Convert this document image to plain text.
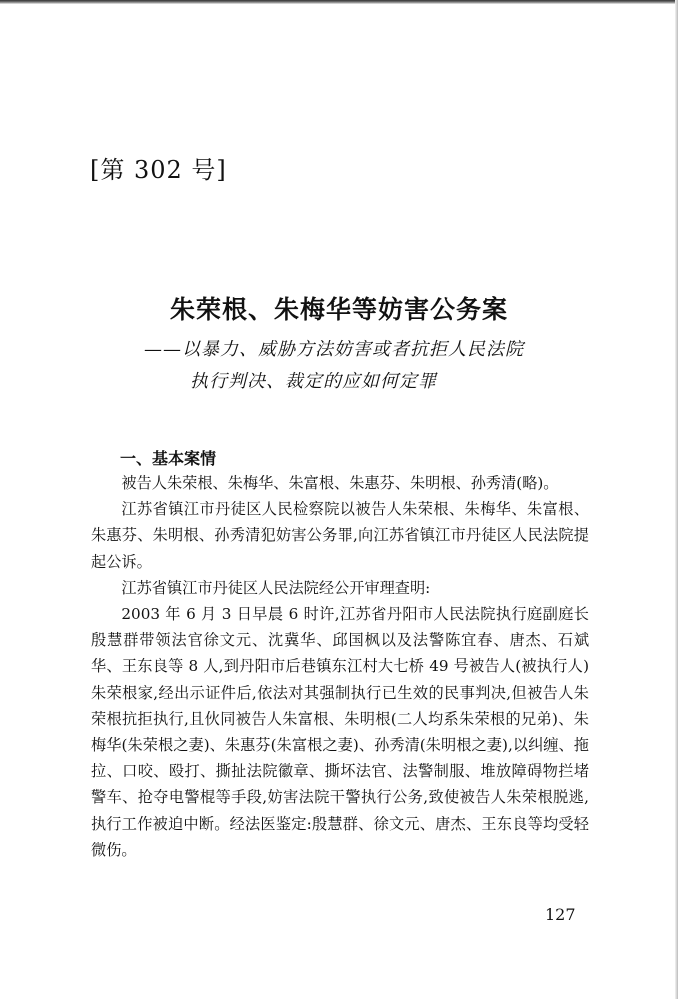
[第 302 号]
朱荣根、朱梅华等妨害公务案
——以暴力、威胁方法妨害或者抗拒人民法院
执行判决、裁定的应如何定罪
一、基本案情

被告人朱荣根、朱梅华、朱富根、朱惠芬、朱明根、孙秀清(略)。

江苏省镇江市丹徒区人民检察院以被告人朱荣根、朱梅华、朱富根、朱惠芬、朱明根、孙秀清犯妨害公务罪,向江苏省镇江市丹徒区人民法院提起公诉。

江苏省镇江市丹徒区人民法院经公开审理查明:

2003 年 6 月 3 日早晨 6 时许,江苏省丹阳市人民法院执行庭副庭长殷慧群带领法官徐文元、沈冀华、邱国枫以及法警陈宜春、唐杰、石斌华、王东良等 8 人,到丹阳市后巷镇东江村大七桥 49 号被告人(被执行人)朱荣根家,经出示证件后,依法对其强制执行已生效的民事判决,但被告人朱荣根抗拒执行,且伙同被告人朱富根、朱明根(二人均系朱荣根的兄弟)、朱梅华(朱荣根之妻)、朱惠芬(朱富根之妻)、孙秀清(朱明根之妻),以纠缠、拖拉、口咬、殴打、撕扯法院徽章、撕坏法官、法警制服、堆放障碍物拦堵警车、抢夺电警棍等手段,妨害法院干警执行公务,致使被告人朱荣根脱逃,执行工作被迫中断。经法医鉴定:殷慧群、徐文元、唐杰、王东良等均受轻微伤。

127
